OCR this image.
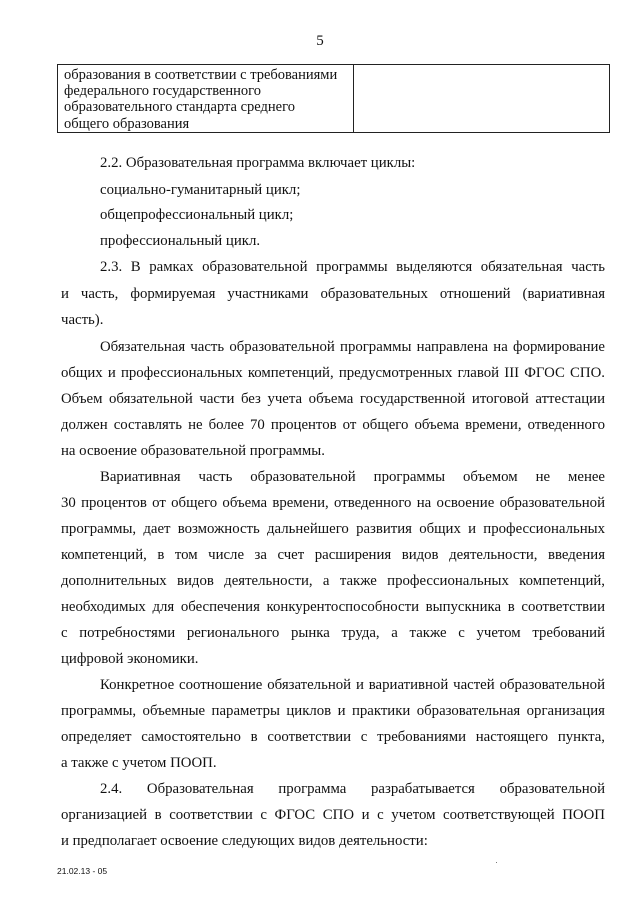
5
образования в соответствии с требованиями
федерального государственного
образовательного стандарта среднего
общего образования
2.2. Образовательная программа включает циклы:
социально-гуманитарный цикл;
общепрофессиональный цикл;
профессиональный цикл.
2.3. В рамках образовательной программы выделяются обязательная часть
и часть, формируемая участниками образовательных отношений (вариативная
часть).
Обязательная часть образовательной программы направлена на формирование
общих и профессиональных компетенций, предусмотренных главой III ФГОС СПО.
Объем обязательной части без учета объема государственной итоговой аттестации
должен составлять не более 70 процентов от общего объема времени, отведенного
на освоение образовательной программы.
Вариативная часть образовательной программы объемом не менее
30 процентов от общего объема времени, отведенного на освоение образовательной
программы, дает возможность дальнейшего развития общих и профессиональных
компетенций, в том числе за счет расширения видов деятельности, введения
дополнительных видов деятельности, а также профессиональных компетенций,
необходимых для обеспечения конкурентоспособности выпускника в соответствии
с потребностями регионального рынка труда, а также с учетом требований
цифровой экономики.
Конкретное соотношение обязательной и вариативной частей образовательной
программы, объемные параметры циклов и практики образовательная организация
определяет самостоятельно в соответствии с требованиями настоящего пункта,
а также с учетом ПООП.
2.4. Образовательная программа разрабатывается образовательной
организацией в соответствии с ФГОС СПО и с учетом соответствующей ПООП
и предполагает освоение следующих видов деятельности:
21.02.13 - 05
